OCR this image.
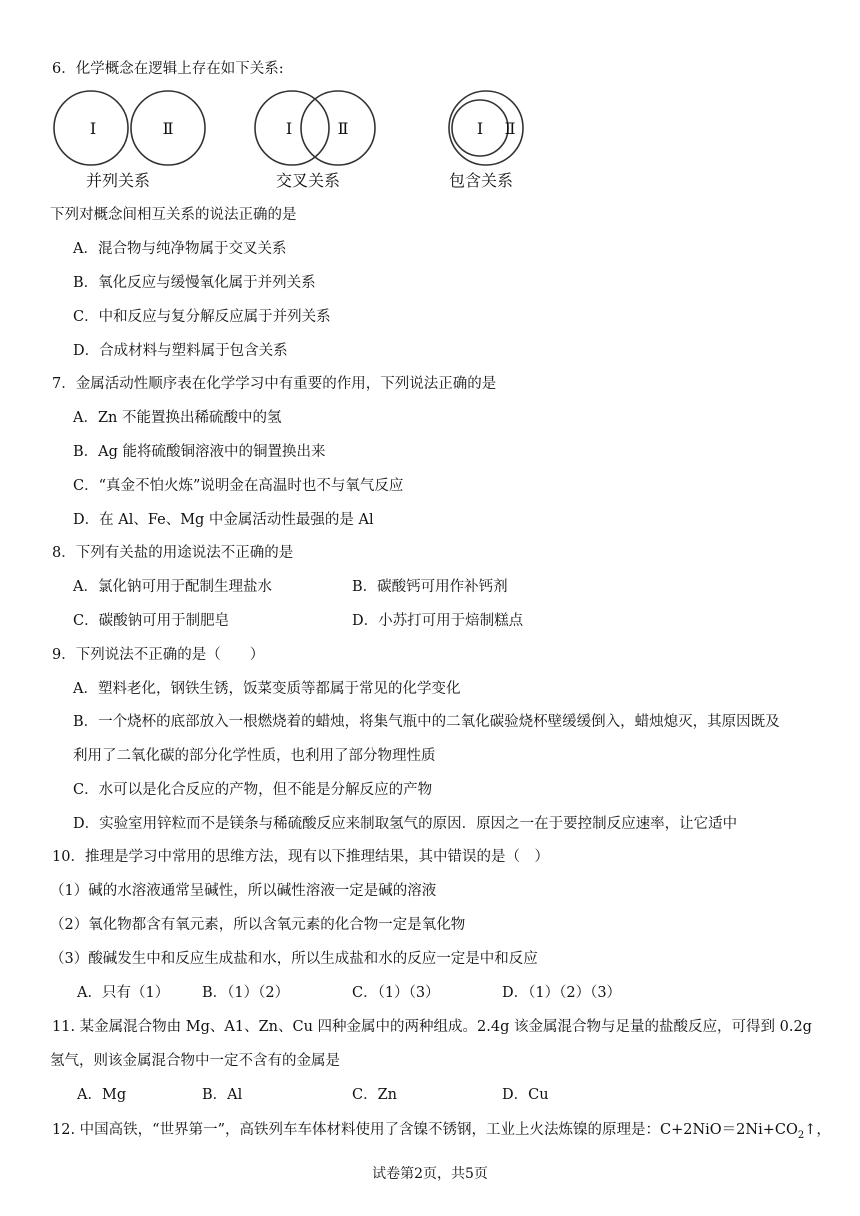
6．化学概念在逻辑上存在如下关系:
Ⅰ	Ⅱ	Ⅰ	Ⅱ	Ⅰ Ⅱ
并列关系	交叉关系	包含关系
下列对概念间相互关系的说法正确的是
A．混合物与纯净物属于交叉关系
B．氧化反应与缓慢氧化属于并列关系
C．中和反应与复分解反应属于并列关系
D．合成材料与塑料属于包含关系
7．金属活动性顺序表在化学学习中有重要的作用，下列说法正确的是
A．Zn 不能置换出稀硫酸中的氢
B．Ag 能将硫酸铜溶液中的铜置换出来
C．“真金不怕火炼”说明金在高温时也不与氧气反应
D．在 Al、Fe、Mg 中金属活动性最强的是 Al
8．下列有关盐的用途说法不正确的是
A．氯化钠可用于配制生理盐水	B．碳酸钙可用作补钙剂
C．碳酸钠可用于制肥皂	D．小苏打可用于焙制糕点
9．下列说法不正确的是（　　）
A．塑料老化，钢铁生锈，饭菜变质等都属于常见的化学变化
B．一个烧杯的底部放入一根燃烧着的蜡烛，将集气瓶中的二氧化碳验烧杯壁缓缓倒入，蜡烛熄灭，其原因既及
利用了二氧化碳的部分化学性质，也利用了部分物理性质
C．水可以是化合反应的产物，但不能是分解反应的产物
D．实验室用锌粒而不是镁条与稀硫酸反应来制取氢气的原因．原因之一在于要控制反应速率，让它适中
10．推理是学习中常用的思维方法，现有以下推理结果，其中错误的是（　）
（1）碱的水溶液通常呈碱性，所以碱性溶液一定是碱的溶液
（2）氧化物都含有氧元素，所以含氧元素的化合物一定是氧化物
（3）酸碱发生中和反应生成盐和水，所以生成盐和水的反应一定是中和反应
A．只有（1） B．（1）（2）	C．（1）（3）	D．（1）（2）（3）
11. 某金属混合物由 Mg、A1、Zn、Cu 四种金属中的两种组成。2.4g 该金属混合物与足量的盐酸反应，可得到 0.2g
氢气，则该金属混合物中一定不含有的金属是
A．Mg	B．Al	C．Zn	D．Cu
12. 中国高铁，“世界第一”，高铁列车车体材料使用了含镍不锈钢，工业上火法炼镍的原理是：$C+2NiO=2Ni+CO_2↑$，
试卷第2页，共5页
